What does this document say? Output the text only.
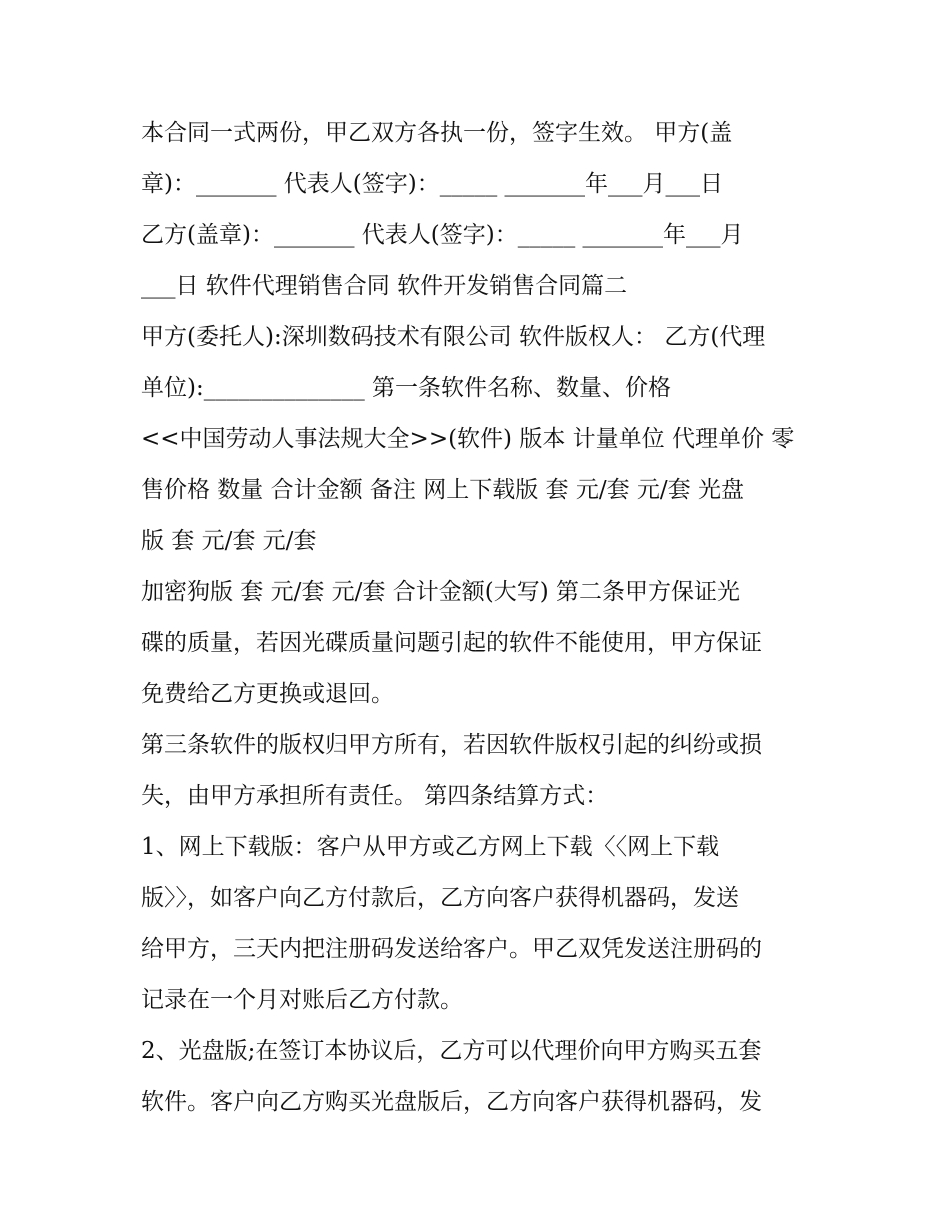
本合同一式两份，甲乙双方各执一份，签字生效。 甲方(盖
章)：_______ 代表人(签字)：_____ _______年___月___日
乙方(盖章)：_______ 代表人(签字)：_____ _______年___月
___日 软件代理销售合同 软件开发销售合同篇二
甲方(委托人):深圳数码技术有限公司 软件版权人： 乙方(代理
单位):______________ 第一条软件名称、数量、价格
<<中国劳动人事法规大全>>(软件) 版本 计量单位 代理单价 零
售价格 数量 合计金额 备注 网上下载版 套 元/套 元/套 光盘
版 套 元/套 元/套
加密狗版 套 元/套 元/套 合计金额(大写) 第二条甲方保证光
碟的质量，若因光碟质量问题引起的软件不能使用，甲方保证
免费给乙方更换或退回。
第三条软件的版权归甲方所有，若因软件版权引起的纠纷或损
失，由甲方承担所有责任。 第四条结算方式：
1、网上下载版：客户从甲方或乙方网上下载〈〈网上下载
版〉〉，如客户向乙方付款后，乙方向客户获得机器码，发送
给甲方，三天内把注册码发送给客户。甲乙双凭发送注册码的
记录在一个月对账后乙方付款。
2、光盘版;在签订本协议后，乙方可以代理价向甲方购买五套
软件。客户向乙方购买光盘版后，乙方向客户获得机器码，发
